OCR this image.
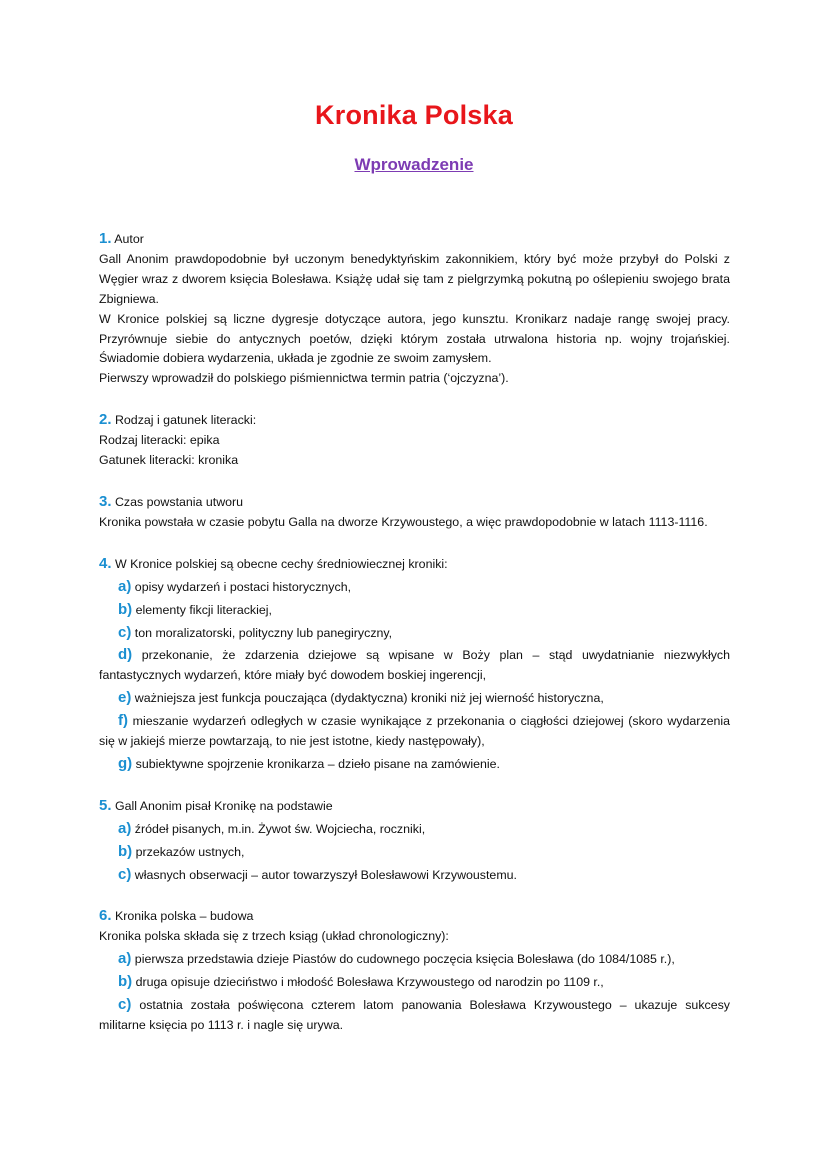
Kronika Polska
Wprowadzenie

1. Autor

Gall Anonim prawdopodobnie był uczonym benedyktyńskim zakonnikiem, który być może przybył do Polski z Węgier wraz z dworem księcia Bolesława. Książę udał się tam z pielgrzymką pokutną po oślepieniu swojego brata Zbigniewa.

W Kronice polskiej są liczne dygresje dotyczące autora, jego kunsztu. Kronikarz nadaje rangę swojej pracy. Przyrównuje siebie do antycznych poetów, dzięki którym została utrwalona historia np. wojny trojańskiej. Świadomie dobiera wydarzenia, układa je zgodnie ze swoim zamysłem.

Pierwszy wprowadził do polskiego piśmiennictwa termin patria (‘ojczyzna’).

2. Rodzaj i gatunek literacki:

Rodzaj literacki: epika

Gatunek literacki: kronika

3. Czas powstania utworu

Kronika powstała w czasie pobytu Galla na dworze Krzywoustego, a więc prawdopodobnie w latach 1113-1116.

4. W Kronice polskiej są obecne cechy średniowiecznej kroniki:

a) opisy wydarzeń i postaci historycznych,

b) elementy fikcji literackiej,

c) ton moralizatorski, polityczny lub panegiryczny,

d) przekonanie, że zdarzenia dziejowe są wpisane w Boży plan – stąd uwydatnianie niezwykłych fantastycznych wydarzeń, które miały być dowodem boskiej ingerencji,

e) ważniejsza jest funkcja pouczająca (dydaktyczna) kroniki niż jej wierność historyczna,

f) mieszanie wydarzeń odległych w czasie wynikające z przekonania o ciągłości dziejowej (skoro wydarzenia się w jakiejś mierze powtarzają, to nie jest istotne, kiedy następowały),

g) subiektywne spojrzenie kronikarza – dzieło pisane na zamówienie.

5. Gall Anonim pisał Kronikę na podstawie

a) źródeł pisanych, m.in. Żywot św. Wojciecha, roczniki,

b) przekazów ustnych,

c) własnych obserwacji – autor towarzyszył Bolesławowi Krzywoustemu.

6. Kronika polska – budowa

Kronika polska składa się z trzech ksiąg (układ chronologiczny):

a) pierwsza przedstawia dzieje Piastów do cudownego poczęcia księcia Bolesława (do 1084/1085 r.),

b) druga opisuje dzieciństwo i młodość Bolesława Krzywoustego od narodzin po 1109 r.,

c) ostatnia została poświęcona czterem latom panowania Bolesława Krzywoustego – ukazuje sukcesy militarne księcia po 1113 r. i nagle się urywa.
